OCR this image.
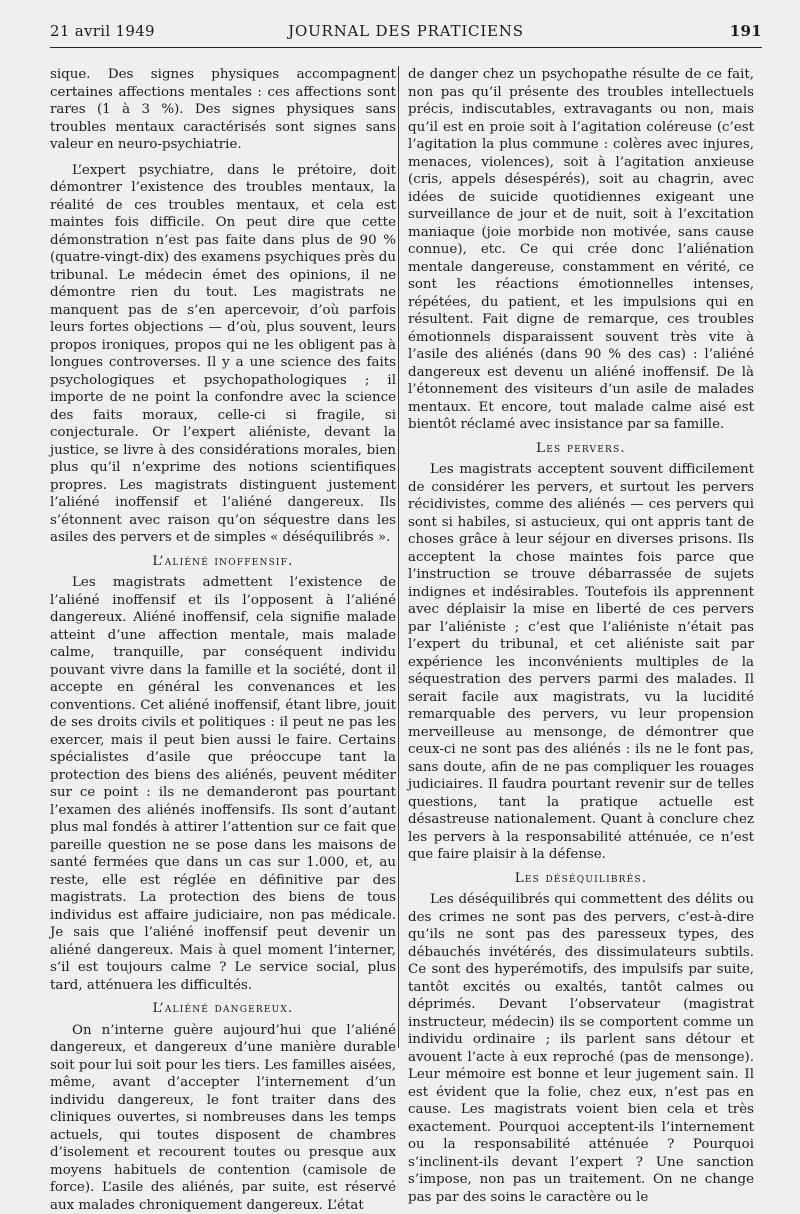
21 avril 1949	JOURNAL DES PRATICIENS	191

sique. Des signes physiques accompagnent certaines affections mentales : ces affections sont rares (1 à 3 %). Des signes physiques sans troubles mentaux caractérisés sont signes sans valeur en neuro-psychiatrie.

L’expert psychiatre, dans le prétoire, doit démontrer l’existence des troubles mentaux, la réalité de ces troubles mentaux, et cela est maintes fois difficile. On peut dire que cette démonstration n’est pas faite dans plus de 90 % (quatre-vingt-dix) des examens psychiques près du tribunal. Le médecin émet des opinions, il ne démontre rien du tout. Les magistrats ne manquent pas de s’en apercevoir, d’où parfois leurs fortes objections — d’où, plus souvent, leurs propos ironiques, propos qui ne les obligent pas à longues controverses. Il y a une science des faits psychologiques et psychopathologiques ; il importe de ne point la confondre avec la science des faits moraux, celle-ci si fragile, si conjecturale. Or l’expert aliéniste, devant la justice, se livre à des considérations morales, bien plus qu’il n’exprime des notions scientifiques propres. Les magistrats distinguent justement l’aliéné inoffensif et l’aliéné dangereux. Ils s’étonnent avec raison qu’on séquestre dans les asiles des pervers et de simples « déséquilibrés ».

L’aliéné inoffensif.

Les magistrats admettent l’existence de l’aliéné inoffensif et ils l’opposent à l’aliéné dangereux. Aliéné inoffensif, cela signifie malade atteint d’une affection mentale, mais malade calme, tranquille, par conséquent individu pouvant vivre dans la famille et la société, dont il accepte en général les convenances et les conventions. Cet aliéné inoffensif, étant libre, jouit de ses droits civils et politiques : il peut ne pas les exercer, mais il peut bien aussi le faire. Certains spécialistes d’asile que préoccupe tant la protection des biens des aliénés, peuvent méditer sur ce point : ils ne demanderont pas pourtant l’examen des aliénés inoffensifs. Ils sont d’autant plus mal fondés à attirer l’attention sur ce fait que pareille question ne se pose dans les maisons de santé fermées que dans un cas sur 1.000, et, au reste, elle est réglée en définitive par des magistrats. La protection des biens de tous individus est affaire judiciaire, non pas médicale. Je sais que l’aliéné inoffensif peut devenir un aliéné dangereux. Mais à quel moment l’interner, s’il est toujours calme ? Le service social, plus tard, atténuera les difficultés.

L’aliéné dangereux.

On n’interne guère aujourd’hui que l’aliéné dangereux, et dangereux d’une manière durable soit pour lui soit pour les tiers. Les familles aisées, même, avant d’accepter l’internement d’un individu dangereux, le font traiter dans des cliniques ouvertes, si nombreuses dans les temps actuels, qui toutes disposent de chambres d’isolement et recourent toutes ou presque aux moyens habituels de contention (camisole de force). L’asile des aliénés, par suite, est réservé aux malades chroniquement dangereux. L’état

de danger chez un psychopathe résulte de ce fait, non pas qu’il présente des troubles intellectuels précis, indiscutables, extravagants ou non, mais qu’il est en proie soit à l’agitation coléreuse (c’est l’agitation la plus commune : colères avec injures, menaces, violences), soit à l’agitation anxieuse (cris, appels désespérés), soit au chagrin, avec idées de suicide quotidiennes exigeant une surveillance de jour et de nuit, soit à l’excitation maniaque (joie morbide non motivée, sans cause connue), etc. Ce qui crée donc l’aliénation mentale dangereuse, constamment en vérité, ce sont les réactions émotionnelles intenses, répétées, du patient, et les impulsions qui en résultent. Fait digne de remarque, ces troubles émotionnels disparaissent souvent très vite à l’asile des aliénés (dans 90 % des cas) : l’aliéné dangereux est devenu un aliéné inoffensif. De là l’étonnement des visiteurs d’un asile de malades mentaux. Et encore, tout malade calme aisé est bientôt réclamé avec insistance par sa famille.

Les pervers.

Les magistrats acceptent souvent difficilement de considérer les pervers, et surtout les pervers récidivistes, comme des aliénés — ces pervers qui sont si habiles, si astucieux, qui ont appris tant de choses grâce à leur séjour en diverses prisons. Ils acceptent la chose maintes fois parce que l’instruction se trouve débarrassée de sujets indignes et indésirables. Toutefois ils apprennent avec déplaisir la mise en liberté de ces pervers par l’aliéniste ; c’est que l’aliéniste n’était pas l’expert du tribunal, et cet aliéniste sait par expérience les inconvénients multiples de la séquestration des pervers parmi des malades. Il serait facile aux magistrats, vu la lucidité remarquable des pervers, vu leur propension merveilleuse au mensonge, de démontrer que ceux-ci ne sont pas des aliénés : ils ne le font pas, sans doute, afin de ne pas compliquer les rouages judiciaires. Il faudra pourtant revenir sur de telles questions, tant la pratique actuelle est désastreuse nationalement. Quant à conclure chez les pervers à la responsabilité atténuée, ce n’est que faire plaisir à la défense.

Les déséquilibrés.

Les déséquilibrés qui commettent des délits ou des crimes ne sont pas des pervers, c’est-à-dire qu’ils ne sont pas des paresseux types, des débauchés invétérés, des dissimulateurs subtils. Ce sont des hyperémotifs, des impulsifs par suite, tantôt excités ou exaltés, tantôt calmes ou déprimés. Devant l’observateur (magistrat instructeur, médecin) ils se comportent comme un individu ordinaire ; ils parlent sans détour et avouent l’acte à eux reproché (pas de mensonge). Leur mémoire est bonne et leur jugement sain. Il est évident que la folie, chez eux, n’est pas en cause. Les magistrats voient bien cela et très exactement. Pourquoi acceptent-ils l’internement ou la responsabilité atténuée ? Pourquoi s’inclinent-ils devant l’expert ? Une sanction s’impose, non pas un traitement. On ne change pas par des soins le caractère ou le
